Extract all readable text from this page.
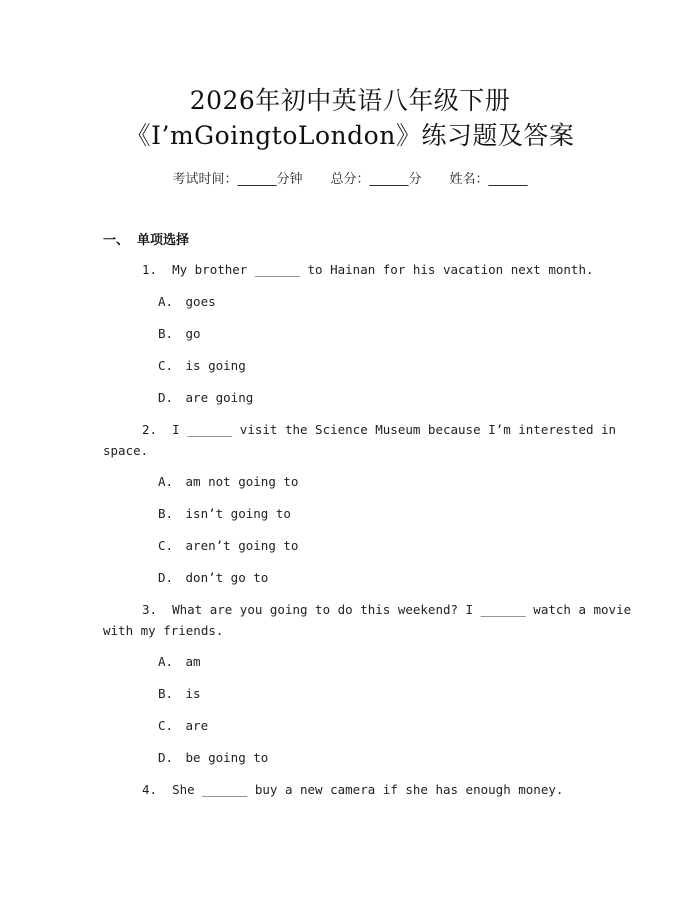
2026年初中英语八年级下册
《I’mGoingtoLondon》练习题及答案
考试时间：______分钟 总分：______分 姓名：______
一、 单项选择
1. My brother ______ to Hainan for his vacation next month.
A. goes
B. go
C. is going
D. are going
2. I ______ visit the Science Museum because I’m interested in
space.
A. am not going to
B. isn’t going to
C. aren’t going to
D. don’t go to
3. What are you going to do this weekend? I ______ watch a movie
with my friends.
A. am
B. is
C. are
D. be going to
4. She ______ buy a new camera if she has enough money.
